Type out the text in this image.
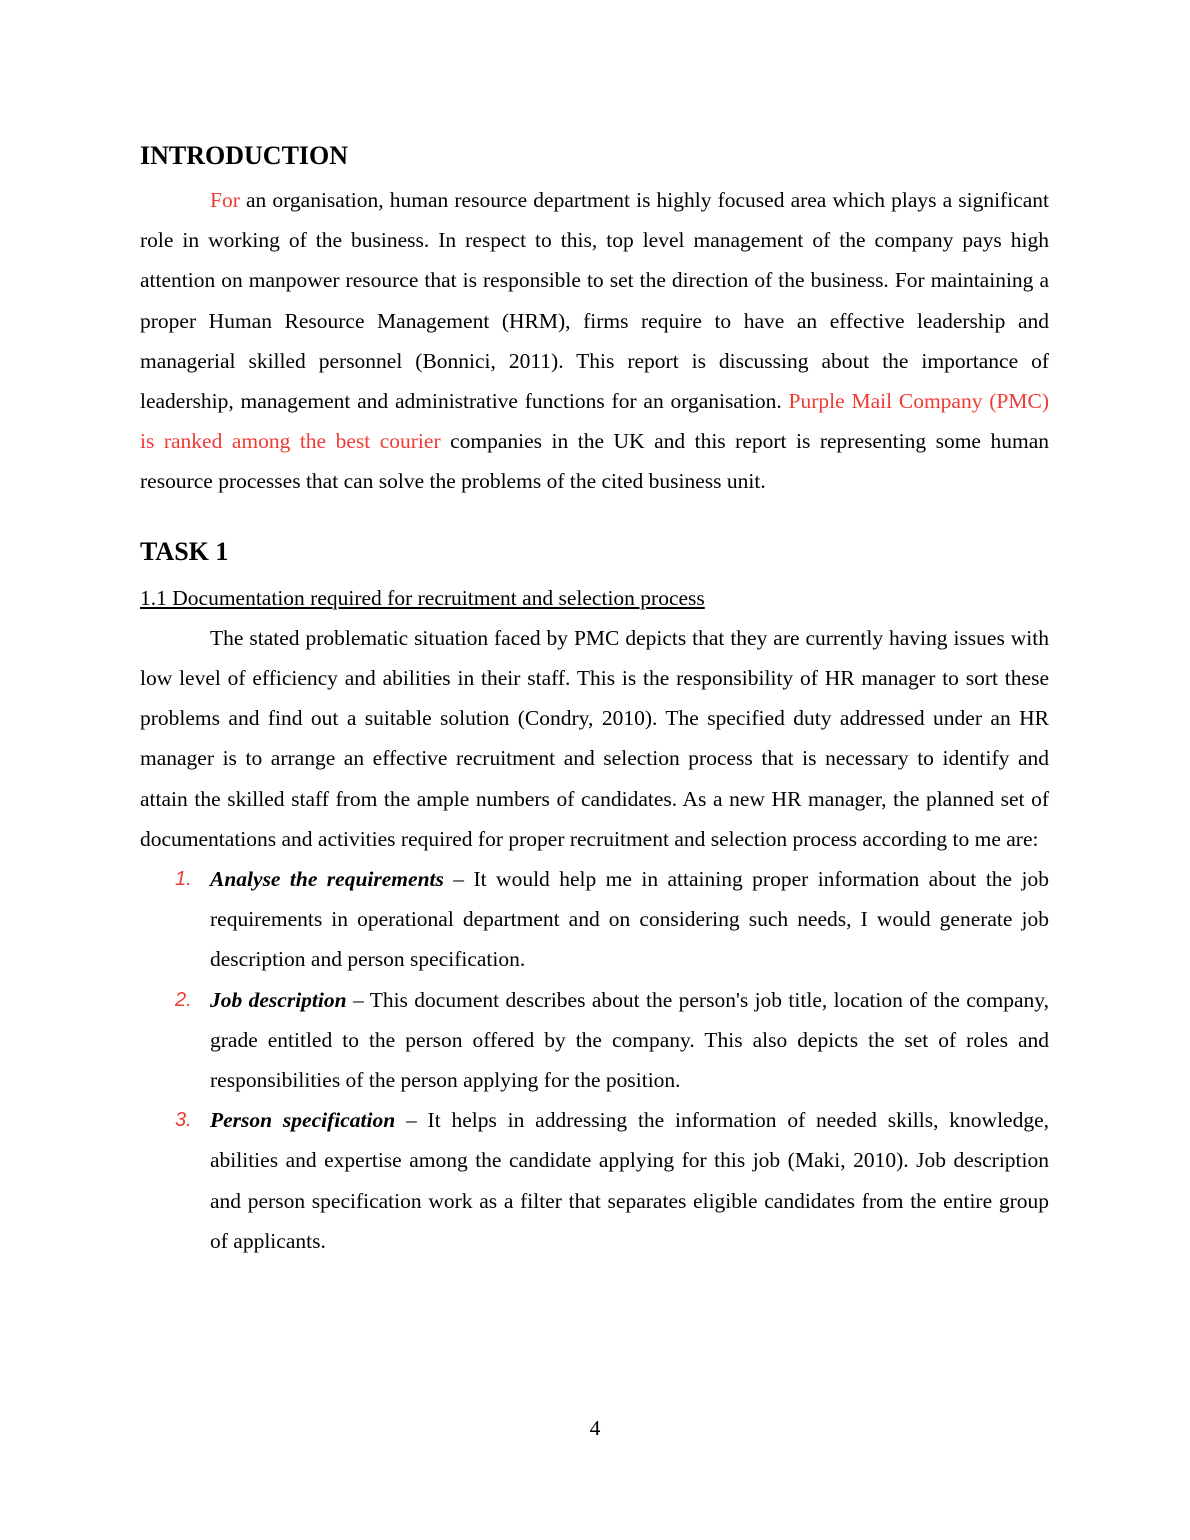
INTRODUCTION

For an organisation, human resource department is highly focused area which plays a significant role in working of the business. In respect to this, top level management of the company pays high attention on manpower resource that is responsible to set the direction of the business. For maintaining a proper Human Resource Management (HRM), firms require to have an effective leadership and managerial skilled personnel (Bonnici, 2011). This report is discussing about the importance of leadership, management and administrative functions for an organisation. Purple Mail Company (PMC) is ranked among the best courier companies in the UK and this report is representing some human resource processes that can solve the problems of the cited business unit.

TASK 1
1.1 Documentation required for recruitment and selection process

The stated problematic situation faced by PMC depicts that they are currently having issues with low level of efficiency and abilities in their staff. This is the responsibility of HR manager to sort these problems and find out a suitable solution (Condry, 2010). The specified duty addressed under an HR manager is to arrange an effective recruitment and selection process that is necessary to identify and attain the skilled staff from the ample numbers of candidates. As a new HR manager, the planned set of documentations and activities required for proper recruitment and selection process according to me are:

1. Analyse the requirements – It would help me in attaining proper information about the job requirements in operational department and on considering such needs, I would generate job description and person specification.
2. Job description – This document describes about the person's job title, location of the company, grade entitled to the person offered by the company. This also depicts the set of roles and responsibilities of the person applying for the position.
3. Person specification – It helps in addressing the information of needed skills, knowledge, abilities and expertise among the candidate applying for this job (Maki, 2010). Job description and person specification work as a filter that separates eligible candidates from the entire group of applicants.
4
